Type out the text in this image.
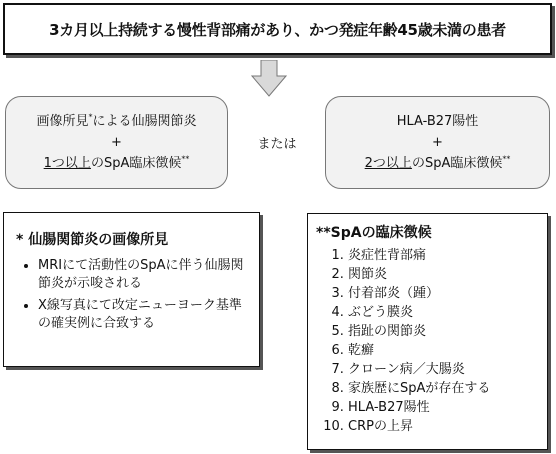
3カ月以上持続する慢性背部痛があり、かつ発症年齢45歳未満の患者
画像所見*による仙腸関節炎
+
1つ以上のSpA臨床徴候**
または
HLA-B27陽性
+
2つ以上のSpA臨床徴候**
* 仙腸関節炎の画像所見
• MRIにて活動性のSpAに伴う仙腸関節炎が示唆される
• X線写真にて改定ニューヨーク基準の確実例に合致する
**SpAの臨床徴候
1. 炎症性背部痛
2. 関節炎
3. 付着部炎（踵）
4. ぶどう膜炎
5. 指趾の関節炎
6. 乾癬
7. クローン病／大腸炎
8. 家族歴にSpAが存在する
9. HLA-B27陽性
10. CRPの上昇
